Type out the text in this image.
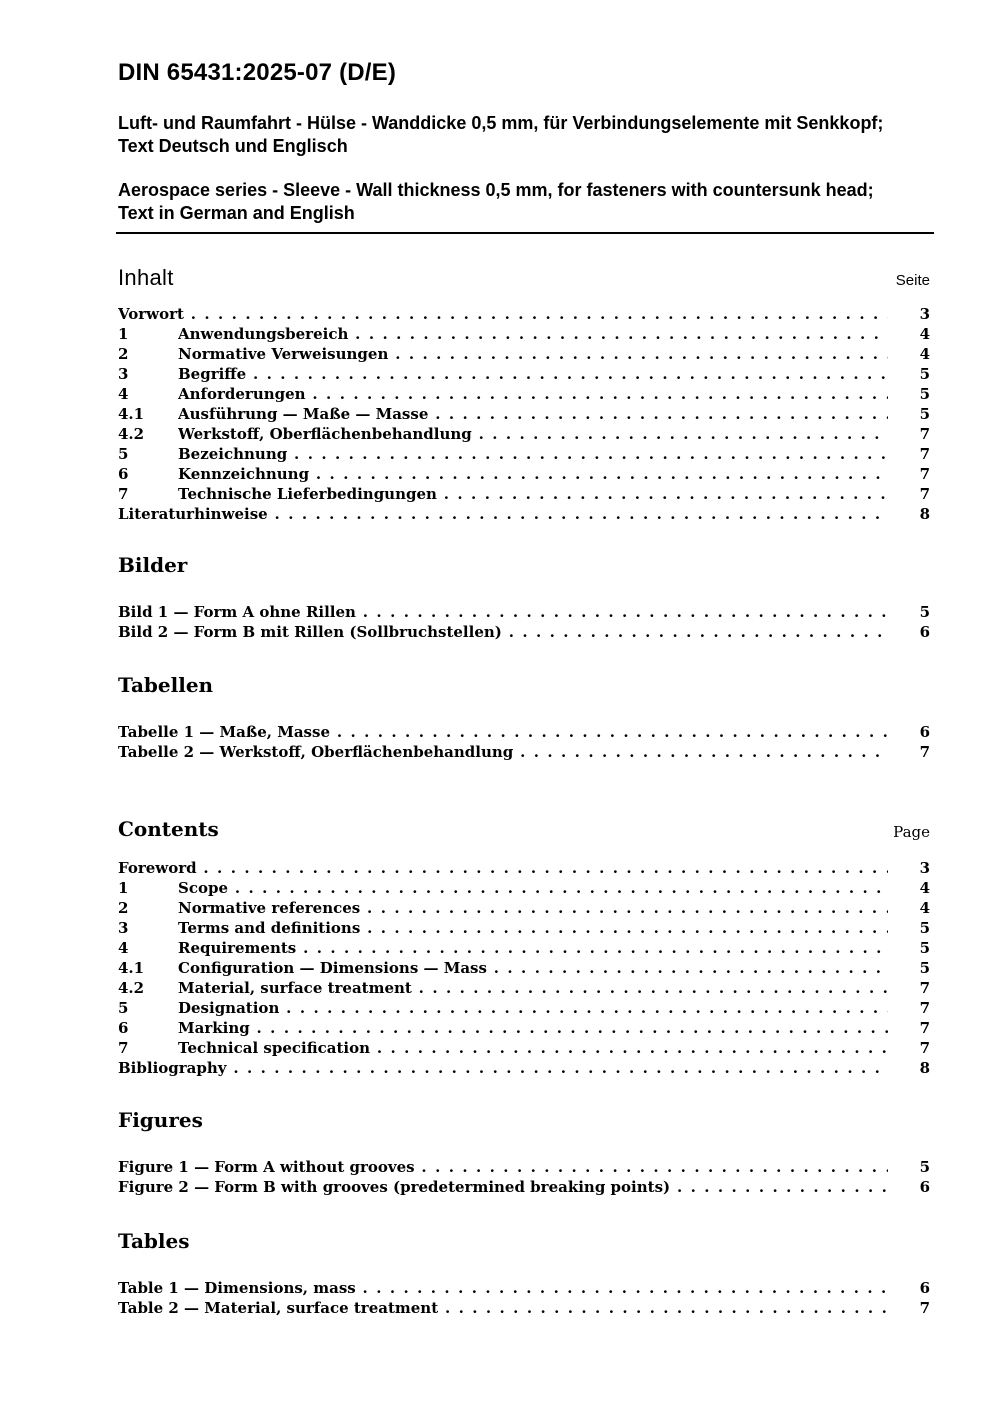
DIN 65431:2025-07 (D/E)
Luft- und Raumfahrt - Hülse - Wanddicke 0,5 mm, für Verbindungselemente mit Senkkopf; Text Deutsch und Englisch
Aerospace series - Sleeve - Wall thickness 0,5 mm, for fasteners with countersunk head; Text in German and English
Inhalt	Seite
Vorwort . . .	3
1	Anwendungsbereich . . .	4
2	Normative Verweisungen . . .	4
3	Begriffe . . .	5
4	Anforderungen . . .	5
4.1 Ausführung — Maße — Masse . . .	5
4.2 Werkstoff, Oberflächenbehandlung . . .	7
5	Bezeichnung . . .	7
6	Kennzeichnung . . .	7
7	Technische Lieferbedingungen . . .	7
Literaturhinweise . . .	8
Bilder
Bild 1 — Form A ohne Rillen . . .	5
Bild 2 — Form B mit Rillen (Sollbruchstellen) . . .	6
Tabellen
Tabelle 1 — Maße, Masse . . .	6
Tabelle 2 — Werkstoff, Oberflächenbehandlung . . .	7
Contents	Page
Foreword . . .	3
1	Scope . . .	4
2	Normative references . . .	4
3	Terms and definitions . . .	5
4	Requirements . . .	5
4.1 Configuration — Dimensions — Mass . . .	5
4.2 Material, surface treatment . . .	7
5	Designation . . .	7
6	Marking . . .	7
7	Technical specification . . .	7
Bibliography . . .	8
Figures
Figure 1 — Form A without grooves . . .	5
Figure 2 — Form B with grooves (predetermined breaking points) . . .	6
Tables
Table 1 — Dimensions, mass . . .	6
Table 2 — Material, surface treatment . . .	7
